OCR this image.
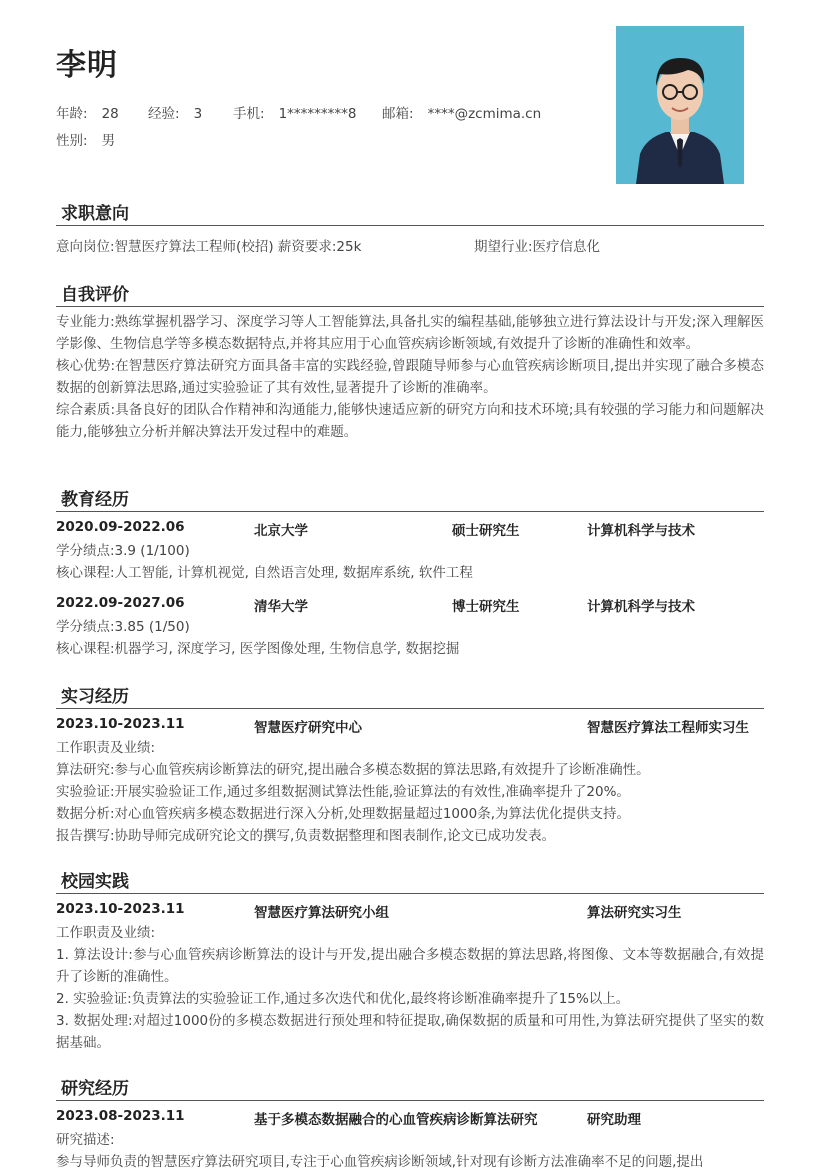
李明
年龄: 28 经验: 3 手机: 1*********8 邮箱: ****@zcmima.cn
性别: 男
求职意向
意向岗位:智慧医疗算法工程师(校招) 薪资要求:25k	期望行业:医疗信息化
自我评价

专业能力:熟练掌握机器学习、深度学习等人工智能算法,具备扎实的编程基础,能够独立进行算法设计与开发;深入理解医学影像、生物信息学等多模态数据特点,并将其应用于心血管疾病诊断领域,有效提升了诊断的准确性和效率。

核心优势:在智慧医疗算法研究方面具备丰富的实践经验,曾跟随导师参与心血管疾病诊断项目,提出并实现了融合多模态数据的创新算法思路,通过实验验证了其有效性,显著提升了诊断的准确率。

综合素质:具备良好的团队合作精神和沟通能力,能够快速适应新的研究方向和技术环境;具有较强的学习能力和问题解决能力,能够独立分析并解决算法开发过程中的难题。

教育经历
2020.09-2022.06	北京大学	硕士研究生	计算机科学与技术
学分绩点:3.9 (1/100)
核心课程:人工智能, 计算机视觉, 自然语言处理, 数据库系统, 软件工程
2022.09-2027.06	清华大学	博士研究生	计算机科学与技术
学分绩点:3.85 (1/50)
核心课程:机器学习, 深度学习, 医学图像处理, 生物信息学, 数据挖掘
实习经历
2023.10-2023.11	智慧医疗研究中心	智慧医疗算法工程师实习生
工作职责及业绩:
算法研究:参与心血管疾病诊断算法的研究,提出融合多模态数据的算法思路,有效提升了诊断准确性。
实验验证:开展实验验证工作,通过多组数据测试算法性能,验证算法的有效性,准确率提升了20%。
数据分析:对心血管疾病多模态数据进行深入分析,处理数据量超过1000条,为算法优化提供支持。
报告撰写:协助导师完成研究论文的撰写,负责数据整理和图表制作,论文已成功发表。
校园实践
2023.10-2023.11	智慧医疗算法研究小组	算法研究实习生
工作职责及业绩:
1. 算法设计:参与心血管疾病诊断算法的设计与开发,提出融合多模态数据的算法思路,将图像、文本等数据融合,有效提升了诊断的准确性。
2. 实验验证:负责算法的实验验证工作,通过多次迭代和优化,最终将诊断准确率提升了15%以上。
3. 数据处理:对超过1000份的多模态数据进行预处理和特征提取,确保数据的质量和可用性,为算法研究提供了坚实的数据基础。
研究经历
2023.08-2023.11	基于多模态数据融合的心血管疾病诊断算法研究	研究助理
研究描述:
参与导师负责的智慧医疗算法研究项目,专注于心血管疾病诊断领域,针对现有诊断方法准确率不足的问题,提出
